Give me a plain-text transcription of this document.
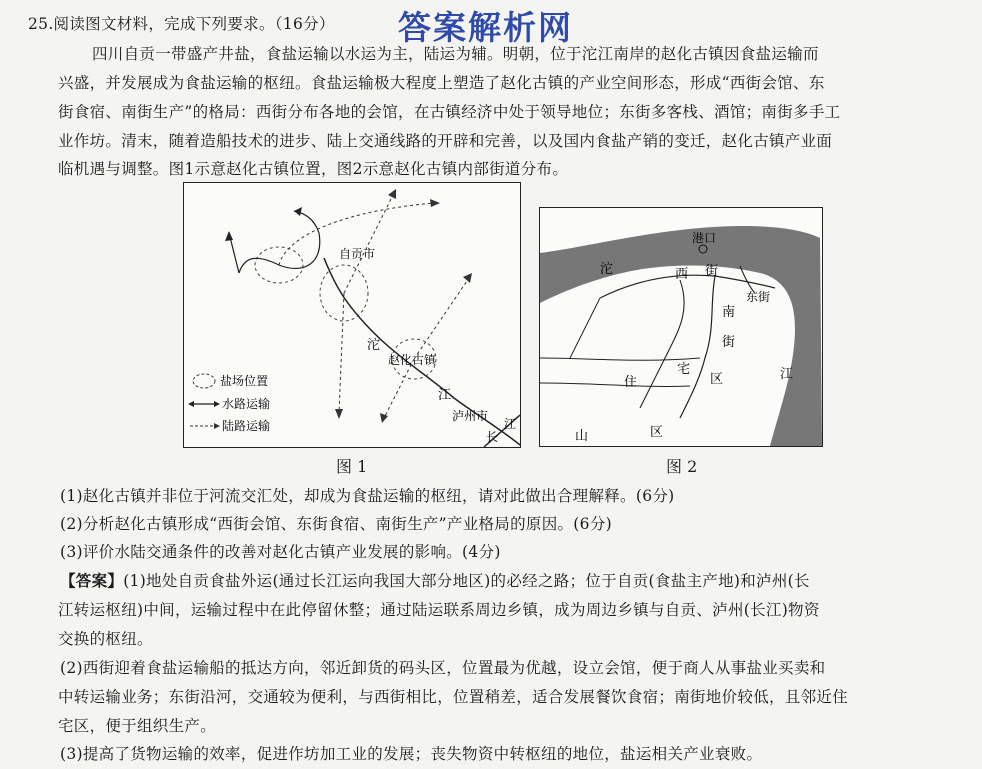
答案解析网
25.阅读图文材料，完成下列要求。（16分）
四川自贡一带盛产井盐，食盐运输以水运为主，陆运为辅。明朝，位于沱江南岸的赵化古镇因食盐运输而
兴盛，并发展成为食盐运输的枢纽。食盐运输极大程度上塑造了赵化古镇的产业空间形态，形成“西街会馆、东
街食宿、南街生产”的格局：西街分布各地的会馆，在古镇经济中处于领导地位；东街多客栈、酒馆；南街多手工
业作坊。清末，随着造船技术的进步、陆上交通线路的开辟和完善，以及国内食盐产销的变迁，赵化古镇产业面
临机遇与调整。图1示意赵化古镇位置，图2示意赵化古镇内部街道分布。
自贡市
沱
赵化古镇
江
泸州市
长
江
盐场位置
水路运输
陆路运输
图 1
港口
沱	西 街
东街
南
街
宅
住	区	江
山	区
图 2
(1)赵化古镇并非位于河流交汇处，却成为食盐运输的枢纽，请对此做出合理解释。(6分)
(2)分析赵化古镇形成“西街会馆、东街食宿、南街生产”产业格局的原因。(6分)
(3)评价水陆交通条件的改善对赵化古镇产业发展的影响。(4分)
【答案】(1)地处自贡食盐外运(通过长江运向我国大部分地区)的必经之路；位于自贡(食盐主产地)和泸州(长
江转运枢纽)中间，运输过程中在此停留休整；通过陆运联系周边乡镇，成为周边乡镇与自贡、泸州(长江)物资
交换的枢纽。
(2)西街迎着食盐运输船的抵达方向，邻近卸货的码头区，位置最为优越，设立会馆，便于商人从事盐业买卖和
中转运输业务；东街沿河，交通较为便利，与西街相比，位置稍差，适合发展餐饮食宿；南街地价较低，且邻近住
宅区，便于组织生产。
(3)提高了货物运输的效率，促进作坊加工业的发展；丧失物资中转枢纽的地位，盐运相关产业衰败。
